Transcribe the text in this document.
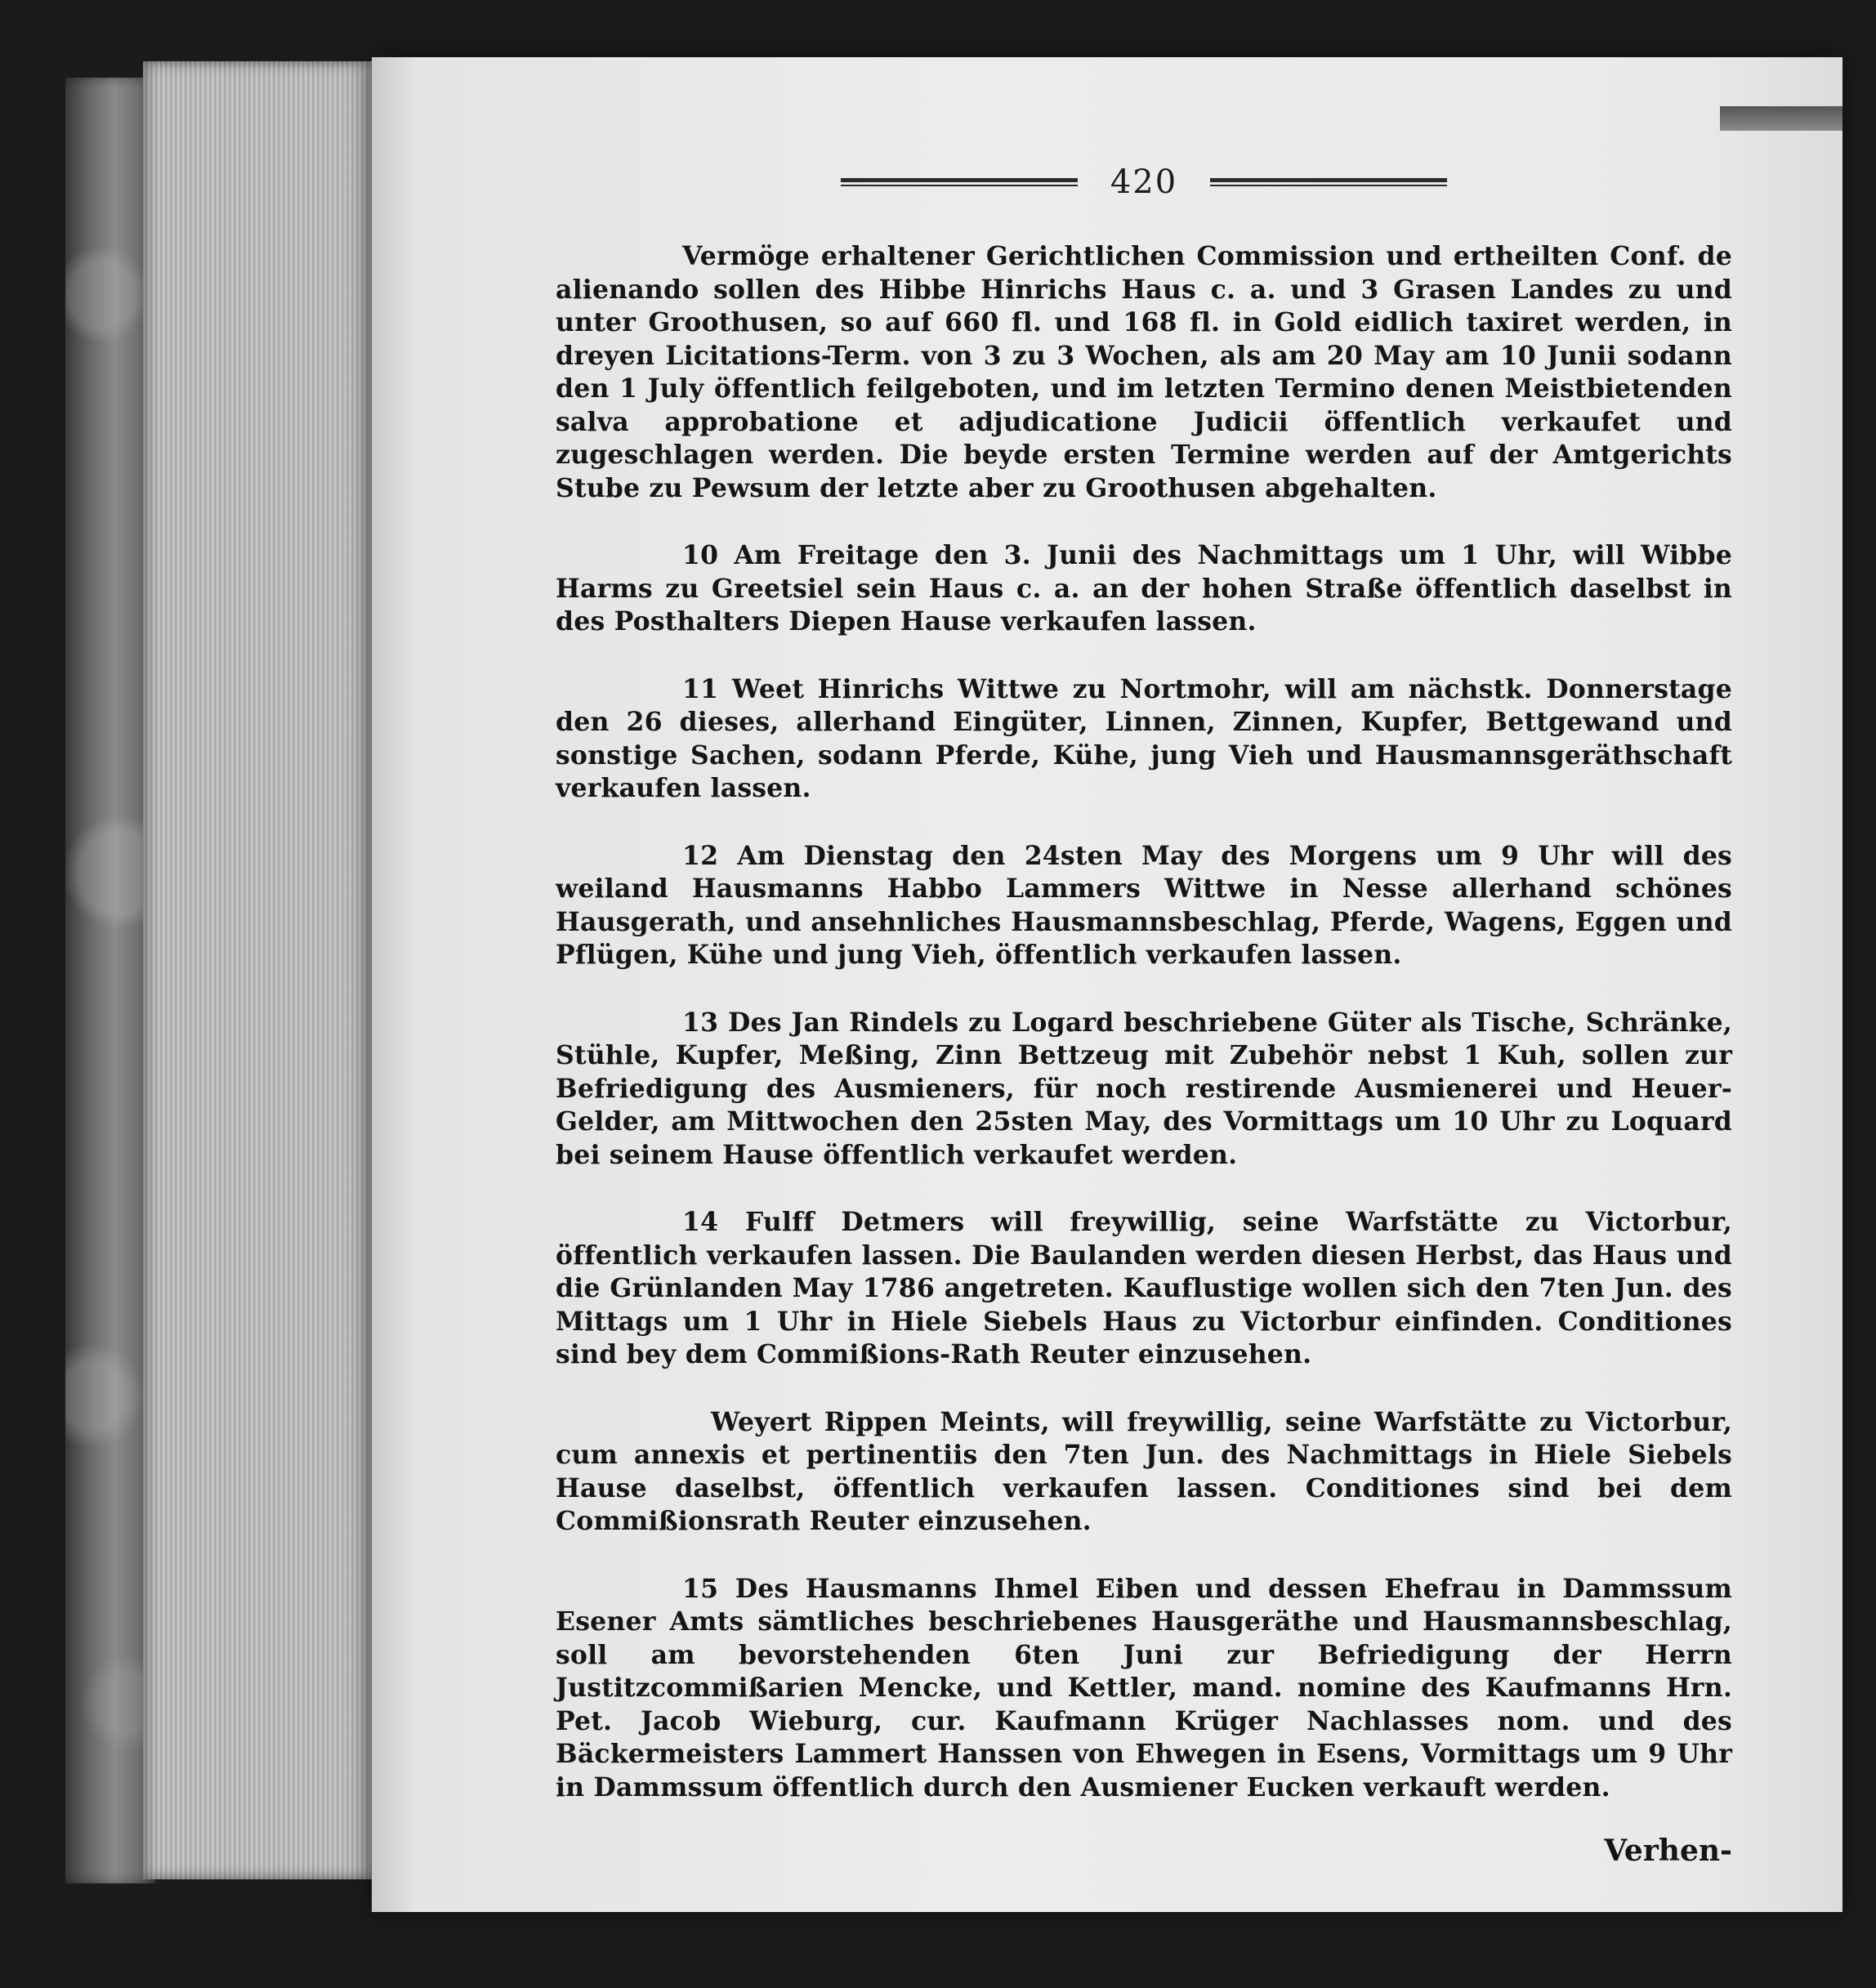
420

Vermöge erhaltener Gerichtlichen Commission und ertheilten Conf. de alienando sollen des Hibbe Hinrichs Haus c. a. und 3 Grasen Landes zu und unter Groothusen, so auf 660 fl. und 168 fl. in Gold eidlich taxiret werden, in dreyen Licitations-Term. von 3 zu 3 Wochen, als am 20 May am 10 Junii sodann den 1 July öffentlich feilgeboten, und im letzten Termino denen Meistbietenden salva approbatione et adjudicatione Judicii öffentlich verkaufet und zugeschlagen werden. Die beyde ersten Termine werden auf der Amtgerichts Stube zu Pewsum der letzte aber zu Groothusen abgehalten.

10 Am Freitage den 3. Junii des Nachmittags um 1 Uhr, will Wibbe Harms zu Greetsiel sein Haus c. a. an der hohen Straße öffentlich daselbst in des Posthalters Diepen Hause verkaufen lassen.

11 Weet Hinrichs Wittwe zu Nortmohr, will am nächstk. Donnerstage den 26 dieses, allerhand Eingüter, Linnen, Zinnen, Kupfer, Bettgewand und sonstige Sachen, sodann Pferde, Kühe, jung Vieh und Hausmannsgeräthschaft verkaufen lassen.

12 Am Dienstag den 24sten May des Morgens um 9 Uhr will des weiland Hausmanns Habbo Lammers Wittwe in Nesse allerhand schönes Hausgerath, und ansehnliches Hausmannsbeschlag, Pferde, Wagens, Eggen und Pflügen, Kühe und jung Vieh, öffentlich verkaufen lassen.

13 Des Jan Rindels zu Logard beschriebene Güter als Tische, Schränke, Stühle, Kupfer, Meßing, Zinn Bettzeug mit Zubehör nebst 1 Kuh, sollen zur Befriedigung des Ausmieners, für noch restirende Ausmienerei und Heuer-Gelder, am Mittwochen den 25sten May, des Vormittags um 10 Uhr zu Loquard bei seinem Hause öffentlich verkaufet werden.

14 Fulff Detmers will freywillig, seine Warfstätte zu Victorbur, öffentlich verkaufen lassen. Die Baulanden werden diesen Herbst, das Haus und die Grünlanden May 1786 angetreten. Kauflustige wollen sich den 7ten Jun. des Mittags um 1 Uhr in Hiele Siebels Haus zu Victorbur einfinden. Conditiones sind bey dem Commißions-Rath Reuter einzusehen.

Weyert Rippen Meints, will freywillig, seine Warfstätte zu Victorbur, cum annexis et pertinentiis den 7ten Jun. des Nachmittags in Hiele Siebels Hause daselbst, öffentlich verkaufen lassen. Conditiones sind bei dem Commißionsrath Reuter einzusehen.

15 Des Hausmanns Ihmel Eiben und dessen Ehefrau in Dammssum Esener Amts sämtliches beschriebenes Hausgeräthe und Hausmannsbeschlag, soll am bevorstehenden 6ten Juni zur Befriedigung der Herrn Justitzcommißarien Mencke, und Kettler, mand. nomine des Kaufmanns Hrn. Pet. Jacob Wieburg, cur. Kaufmann Krüger Nachlasses nom. und des Bäckermeisters Lammert Hanssen von Ehwegen in Esens, Vormittags um 9 Uhr in Dammssum öffentlich durch den Ausmiener Eucken verkauft werden.

Verhen-
